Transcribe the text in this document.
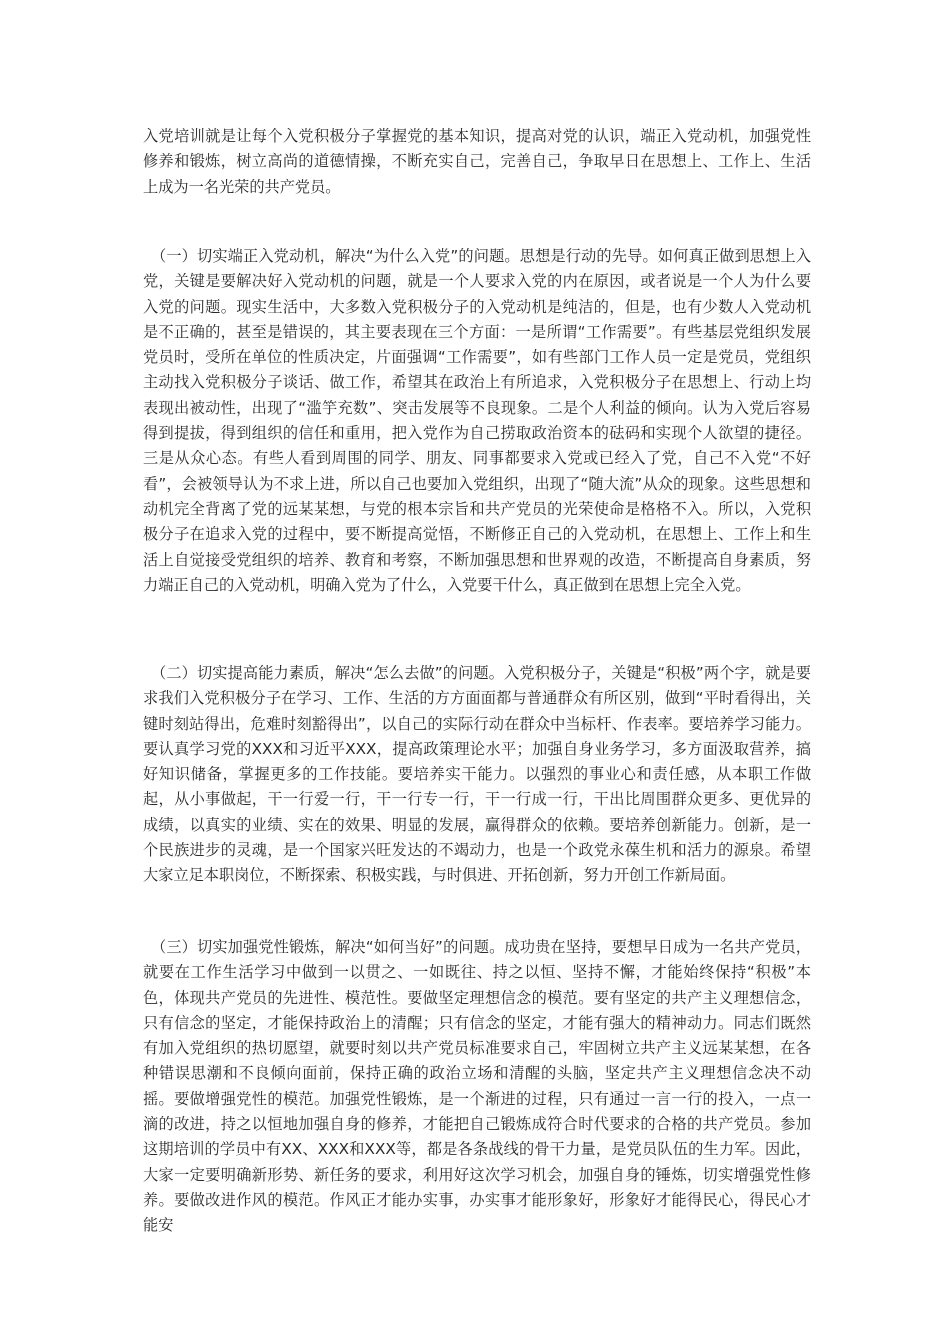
入党培训就是让每个入党积极分子掌握党的基本知识，提高对党的认识，端正入党动机，加强党性修养和锻炼，树立高尚的道德情操，不断充实自己，完善自己，争取早日在思想上、工作上、生活上成为一名光荣的共产党员。

（一）切实端正入党动机，解决“为什么入党”的问题。思想是行动的先导。如何真正做到思想上入党，关键是要解决好入党动机的问题，就是一个人要求入党的内在原因，或者说是一个人为什么要入党的问题。现实生活中，大多数入党积极分子的入党动机是纯洁的，但是，也有少数人入党动机是不正确的，甚至是错误的，其主要表现在三个方面：一是所谓“工作需要”。有些基层党组织发展党员时，受所在单位的性质决定，片面强调“工作需要”，如有些部门工作人员一定是党员，党组织主动找入党积极分子谈话、做工作，希望其在政治上有所追求，入党积极分子在思想上、行动上均表现出被动性，出现了“滥竽充数”、突击发展等不良现象。二是个人利益的倾向。认为入党后容易得到提拔，得到组织的信任和重用，把入党作为自己捞取政治资本的砝码和实现个人欲望的捷径。三是从众心态。有些人看到周围的同学、朋友、同事都要求入党或已经入了党，自己不入党“不好看”，会被领导认为不求上进，所以自己也要加入党组织，出现了“随大流”从众的现象。这些思想和动机完全背离了党的远某某想，与党的根本宗旨和共产党员的光荣使命是格格不入。所以，入党积极分子在追求入党的过程中，要不断提高觉悟，不断修正自己的入党动机，在思想上、工作上和生活上自觉接受党组织的培养、教育和考察，不断加强思想和世界观的改造，不断提高自身素质，努力端正自己的入党动机，明确入党为了什么，入党要干什么，真正做到在思想上完全入党。

（二）切实提高能力素质，解决“怎么去做”的问题。入党积极分子，关键是“积极”两个字，就是要求我们入党积极分子在学习、工作、生活的方方面面都与普通群众有所区别，做到“平时看得出，关键时刻站得出，危难时刻豁得出”，以自己的实际行动在群众中当标杆、作表率。要培养学习能力。要认真学习党的XXX和习近平XXX，提高政策理论水平；加强自身业务学习，多方面汲取营养，搞好知识储备，掌握更多的工作技能。要培养实干能力。以强烈的事业心和责任感，从本职工作做起，从小事做起，干一行爱一行，干一行专一行，干一行成一行，干出比周围群众更多、更优异的成绩，以真实的业绩、实在的效果、明显的发展，赢得群众的依赖。要培养创新能力。创新，是一个民族进步的灵魂，是一个国家兴旺发达的不竭动力，也是一个政党永葆生机和活力的源泉。希望大家立足本职岗位，不断探索、积极实践，与时俱进、开拓创新，努力开创工作新局面。

（三）切实加强党性锻炼，解决“如何当好”的问题。成功贵在坚持，要想早日成为一名共产党员，就要在工作生活学习中做到一以贯之、一如既往、持之以恒、坚持不懈，才能始终保持“积极”本色，体现共产党员的先进性、模范性。要做坚定理想信念的模范。要有坚定的共产主义理想信念，只有信念的坚定，才能保持政治上的清醒；只有信念的坚定，才能有强大的精神动力。同志们既然有加入党组织的热切愿望，就要时刻以共产党员标准要求自己，牢固树立共产主义远某某想，在各种错误思潮和不良倾向面前，保持正确的政治立场和清醒的头脑，坚定共产主义理想信念决不动摇。要做增强党性的模范。加强党性锻炼，是一个渐进的过程，只有通过一言一行的投入，一点一滴的改进，持之以恒地加强自身的修养，才能把自己锻炼成符合时代要求的合格的共产党员。参加这期培训的学员中有XX、XXX和XXX等，都是各条战线的骨干力量，是党员队伍的生力军。因此，大家一定要明确新形势、新任务的要求，利用好这次学习机会，加强自身的锤炼，切实增强党性修养。要做改进作风的模范。作风正才能办实事，办实事才能形象好，形象好才能得民心，得民心才能安
